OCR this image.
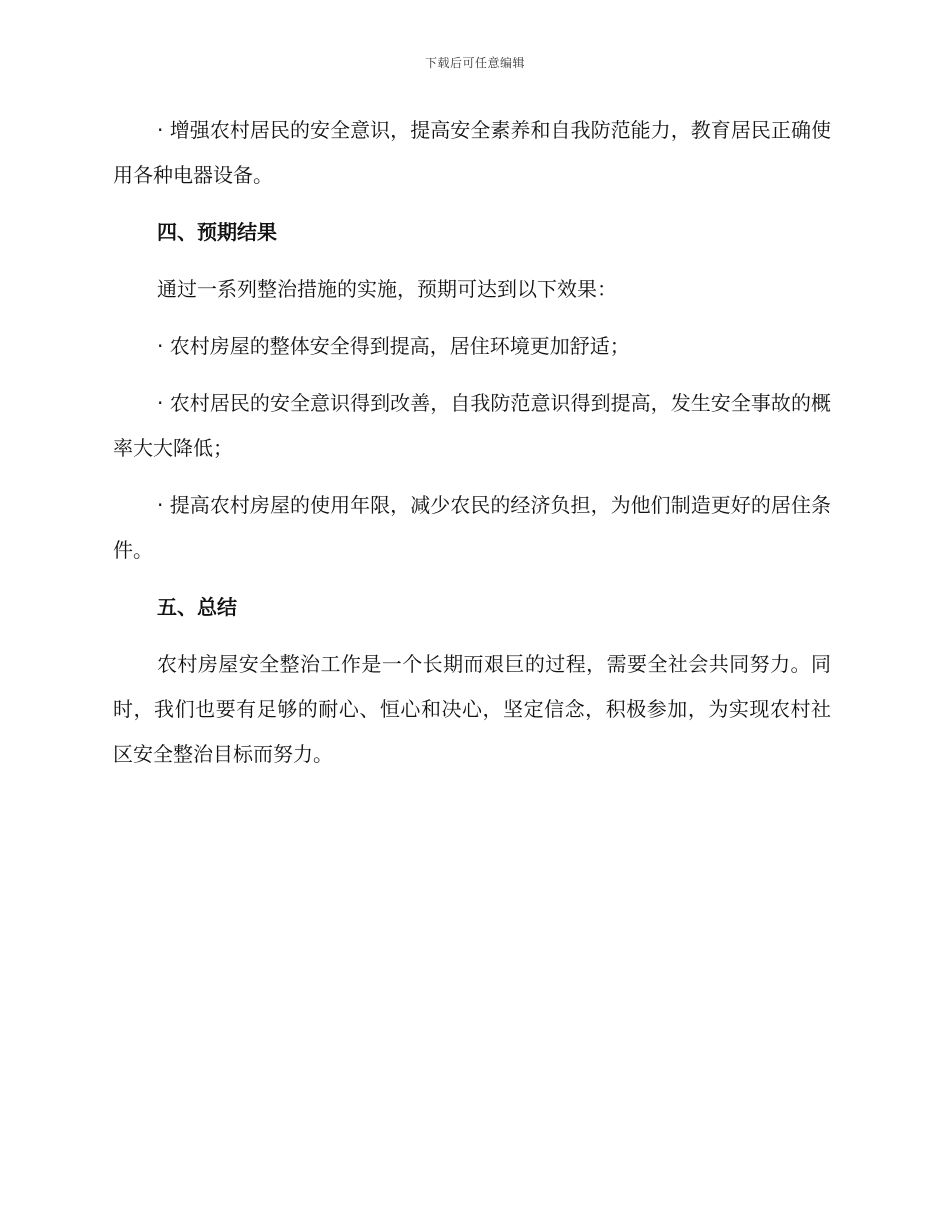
下载后可任意编辑

· 增强农村居民的安全意识，提高安全素养和自我防范能力，教育居民正确使用各种电器设备。

四、预期结果

通过一系列整治措施的实施，预期可达到以下效果：

· 农村房屋的整体安全得到提高，居住环境更加舒适；

· 农村居民的安全意识得到改善，自我防范意识得到提高，发生安全事故的概率大大降低；

· 提高农村房屋的使用年限，减少农民的经济负担，为他们制造更好的居住条件。

五、总结

农村房屋安全整治工作是一个长期而艰巨的过程，需要全社会共同努力。同时，我们也要有足够的耐心、恒心和决心，坚定信念，积极参加，为实现农村社区安全整治目标而努力。
